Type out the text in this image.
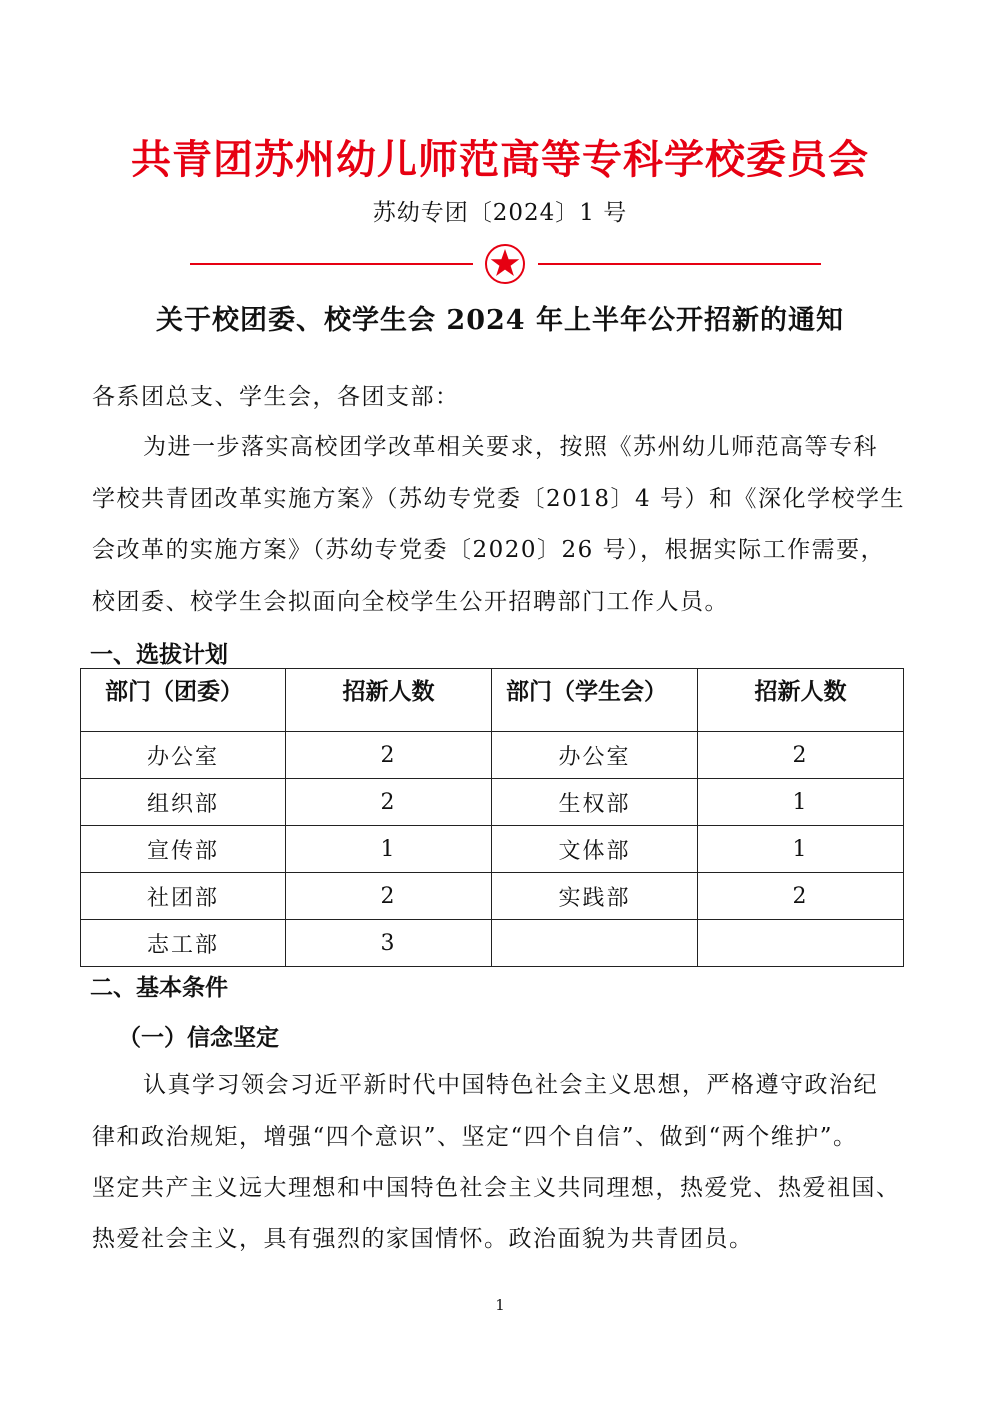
共青团苏州幼儿师范高等专科学校委员会
苏幼专团〔2024〕1 号
关于校团委、校学生会 2024 年上半年公开招新的通知
各系团总支、学生会，各团支部：
为进一步落实高校团学改革相关要求，按照《苏州幼儿师范高等专科
学校共青团改革实施方案》（苏幼专党委〔2018〕4 号）和《深化学校学生
会改革的实施方案》（苏幼专党委〔2020〕26 号），根据实际工作需要，
校团委、校学生会拟面向全校学生公开招聘部门工作人员。
一、选拔计划
部门（团委）	招新人数	部门（学生会）	招新人数
办公室	2	办公室	2
组织部	2	生权部	1
宣传部	1	文体部	1
社团部	2	实践部	2
志工部	3		
二、基本条件
（一）信念坚定
认真学习领会习近平新时代中国特色社会主义思想，严格遵守政治纪
律和政治规矩，增强“四个意识”、坚定“四个自信”、做到“两个维护”。
坚定共产主义远大理想和中国特色社会主义共同理想，热爱党、热爱祖国、
热爱社会主义，具有强烈的家国情怀。政治面貌为共青团员。
1
